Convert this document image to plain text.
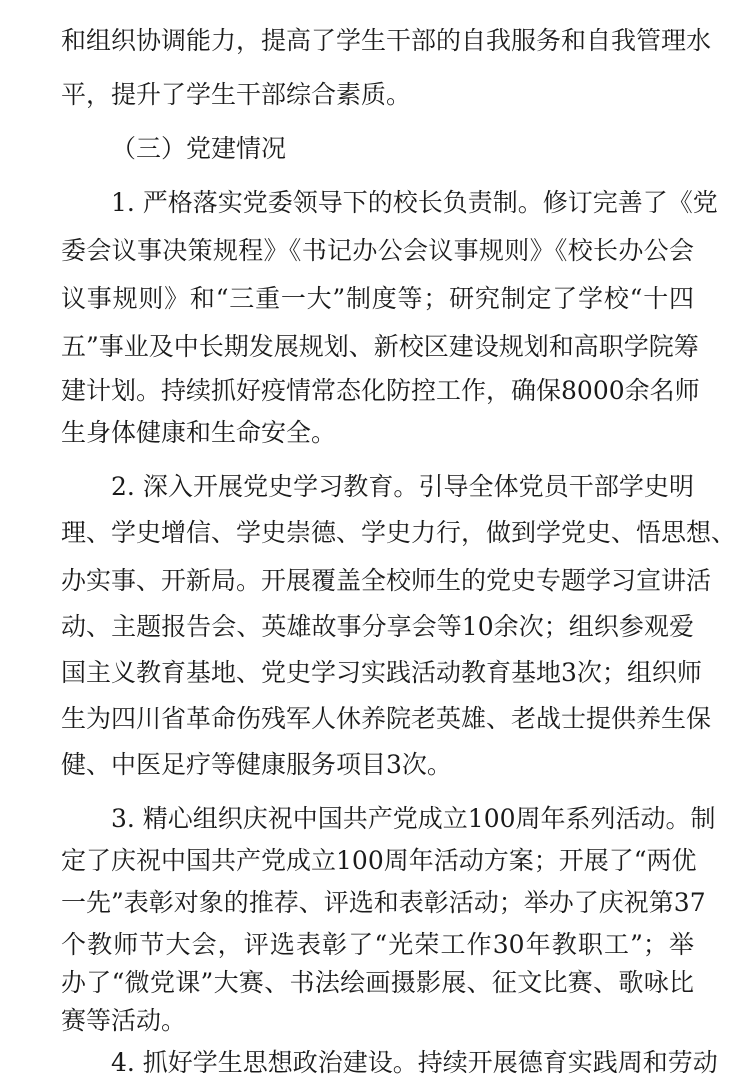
和组织协调能力，提高了学生干部的自我服务和自我管理水
平，提升了学生干部综合素质。
（三）党建情况
1. 严格落实党委领导下的校长负责制。修订完善了《党
委会议事决策规程》《书记办公会议事规则》《校长办公会
议事规则》和“三重一大”制度等；研究制定了学校“十四
五”事业及中长期发展规划、新校区建设规划和高职学院筹
建计划。持续抓好疫情常态化防控工作，确保8000余名师
生身体健康和生命安全。
2. 深入开展党史学习教育。引导全体党员干部学史明
理、学史增信、学史崇德、学史力行，做到学党史、悟思想、
办实事、开新局。开展覆盖全校师生的党史专题学习宣讲活
动、主题报告会、英雄故事分享会等10余次；组织参观爱
国主义教育基地、党史学习实践活动教育基地3次；组织师
生为四川省革命伤残军人休养院老英雄、老战士提供养生保
健、中医足疗等健康服务项目3次。
3. 精心组织庆祝中国共产党成立100周年系列活动。制
定了庆祝中国共产党成立100周年活动方案；开展了“两优
一先”表彰对象的推荐、评选和表彰活动；举办了庆祝第37
个教师节大会，评选表彰了“光荣工作30年教职工”；举
办了“微党课”大赛、书法绘画摄影展、征文比赛、歌咏比
赛等活动。
4. 抓好学生思想政治建设。持续开展德育实践周和劳动
